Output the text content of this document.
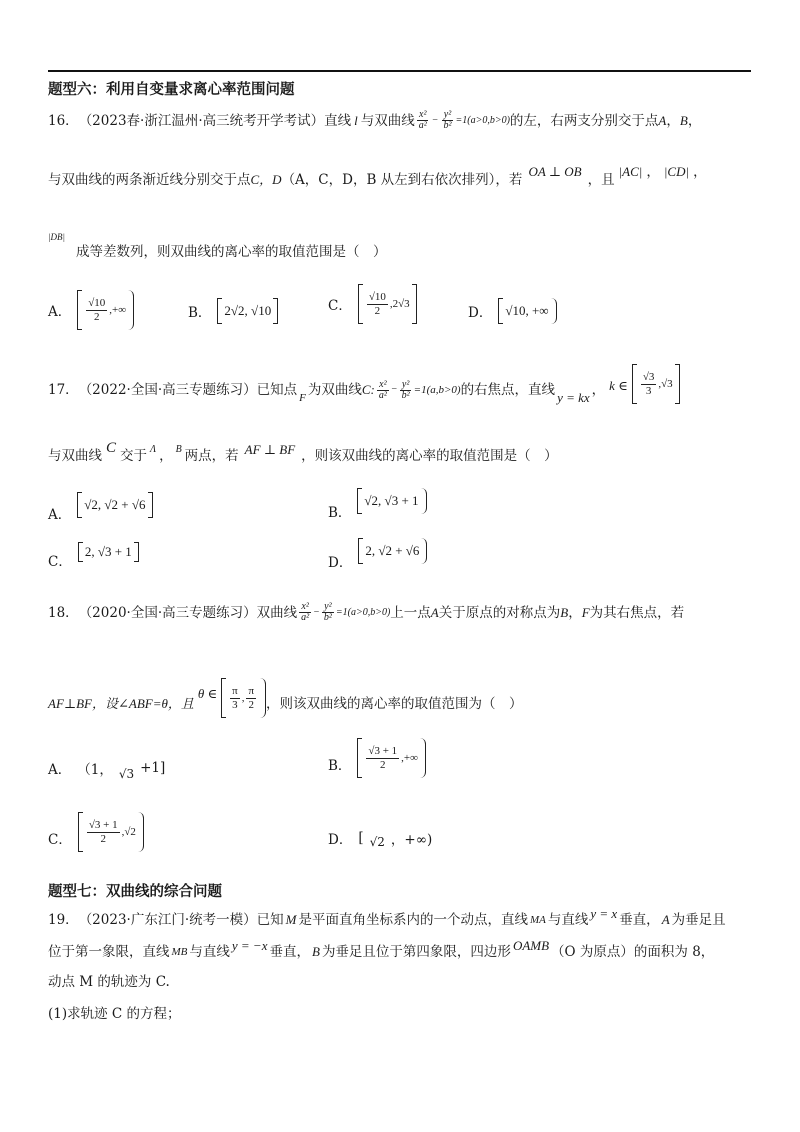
题型六：利用自变量求离心率范围问题
16． （2023春·浙江温州·高三统考开学考试） 直线 l 与双曲线 $\frac{\text{x²}}{\text{a²}} - \frac{\text{y²}}{\text{b²}} =1(a>0,b>0)$ 的左，右两支分别交于点 A ， B ，
与双曲线的两条渐近线分别交于点 C，D （A，C，D，B 从左到右依次排列），若
OA ⊥ OB
，且
|AC| ， |CD| ，
|DB|
成等差数列，则双曲线的离心率的取值范围是（　）
A． $\frac{√10}{2}$ ,+∞	B． 2√2, √10	C． $\frac{√10}{2} ,2√3$
D． √10, +∞
17． （2022·全国·高三专题练习） 已知点 F 为双曲线 C : $\frac{\text{x²}}{\text{a²}} - \frac{\text{y²}}{\text{b²}} =1(a,b>0)$ 的右焦点，直线 y = kx ， k ∈ $\frac{√3}{3} ,√3$
与双曲线 C 交于 Λ ， B 两点，若 AF ⊥ BF ，则该双曲线的离心率的取值范围是（　）
A．
√2, √2 + √6
B．
√2, √3 + 1
C．
2, √3 + 1
D．
2, √2 + √6
18． （2020·全国·高三专题练习） 双曲线 $\frac{\text{x²}}{\text{a²}} - \frac{\text{y²}}{\text{b²}} =1(a>0,b>0)$ 上一点 A 关于原点的对称点为 B ， F 为其右焦点，若
AF⊥BF，设∠ABF=θ，且
θ ∈ $\frac{\pi}{3}$ , $\frac{\pi}{2}$ ，则该双曲线的离心率的取值范围为（　）
A． （1， √3 +1]	B． $\frac{√3 + 1}{2}$ ,+∞
C． $\frac{√3 + 1}{2} ,√2$	D． [ √2 ，+∞)
题型七：双曲线的综合问题
19． （2023·广东江门·统考一模） 已知 M 是平面直角坐标系内的一个动点，直线 MA 与直线 y = x 垂直， A 为垂足且
位于第一象限，直线 MB 与直线 y = −x 垂直， B 为垂足且位于第四象限，四边形 OAMB （O 为原点）的面积为 8，
动点 M 的轨迹为 C.
(1)求轨迹 C 的方程；
